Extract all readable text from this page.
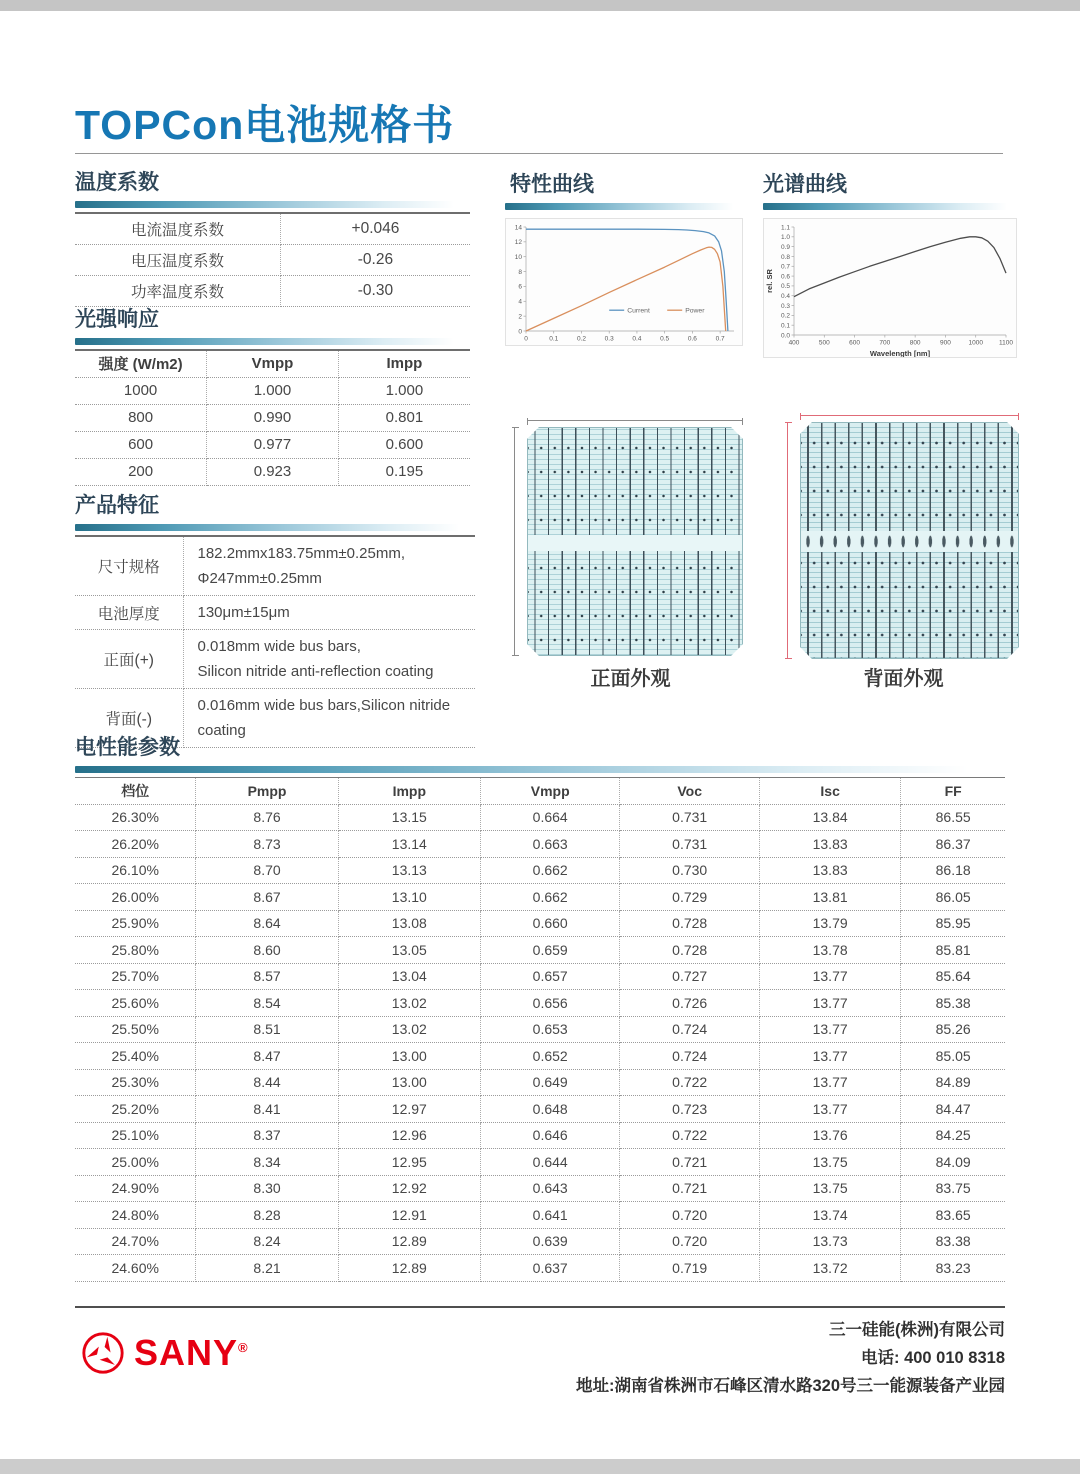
TOPCon电池规格书
温度系数
电流温度系数	+0.046
电压温度系数	-0.26
功率温度系数	-0.30
光强响应
强度 (W/m2)	Vmpp	Impp
1000	1.000	1.000
800	0.990	0.801
600	0.977	0.600
200	0.923	0.195
产品特征
尺寸规格	182.2mmx183.75mm±0.25mm,
Φ247mm±0.25mm

电池厚度	130μm±15μm

正面(+)	0.018mm wide bus bars,
Silicon nitride anti-reflection coating

背面(-)	0.016mm wide bus bars,Silicon nitride coating
特性曲线
0	0.1	0.2	0.3	0.4	0.5	0.6	0.7
0
2
4
6
8
10
12
14
Current	Power
光谱曲线
400	500	600	700	800	900	1000 1100
0.0
0.1
0.2
0.3
0.4
0.5
0.6
0.7
0.8
0.9
1.0
1.1
Wavelength [nm]
rel. SR
正面外观	背面外观
电性能参数
档位	Pmpp	Impp	Vmpp	Voc	Isc	FF
26.30%	8.76	13.15	0.664	0.731	13.84	86.55
26.20%	8.73	13.14	0.663	0.731	13.83	86.37
26.10%	8.70	13.13	0.662	0.730	13.83	86.18
26.00%	8.67	13.10	0.662	0.729	13.81	86.05
25.90%	8.64	13.08	0.660	0.728	13.79	85.95
25.80%	8.60	13.05	0.659	0.728	13.78	85.81
25.70%	8.57	13.04	0.657	0.727	13.77	85.64
25.60%	8.54	13.02	0.656	0.726	13.77	85.38
25.50%	8.51	13.02	0.653	0.724	13.77	85.26
25.40%	8.47	13.00	0.652	0.724	13.77	85.05
25.30%	8.44	13.00	0.649	0.722	13.77	84.89
25.20%	8.41	12.97	0.648	0.723	13.77	84.47
25.10%	8.37	12.96	0.646	0.722	13.76	84.25
25.00%	8.34	12.95	0.644	0.721	13.75	84.09
24.90%	8.30	12.92	0.643	0.721	13.75	83.75
24.80%	8.28	12.91	0.641	0.720	13.74	83.65
24.70%	8.24	12.89	0.639	0.720	13.73	83.38
24.60%	8.21	12.89	0.637	0.719	13.72	83.23
SANY®
三一硅能(株洲)有限公司
电话: 400 010 8318
地址:湖南省株洲市石峰区清水路320号三一能源装备产业园
